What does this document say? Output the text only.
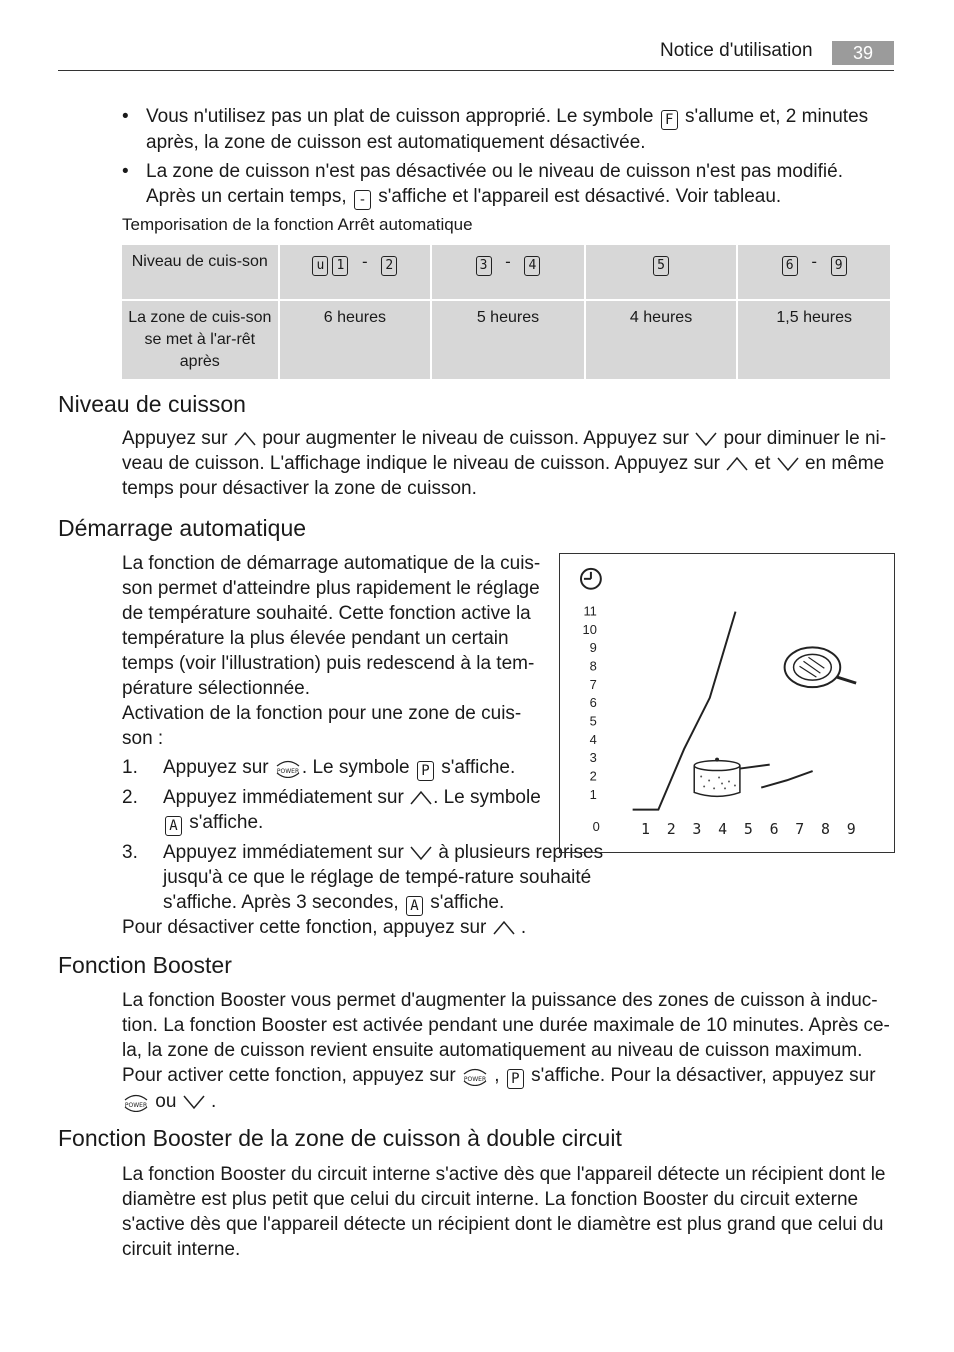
Notice d'utilisation	39
• Vous n'utilisez pas un plat de cuisson approprié. Le symbole F s'allume et, 2 minutes après, la zone de cuisson est automatiquement désactivée.
• La zone de cuisson n'est pas désactivée ou le niveau de cuisson n'est pas modifié. Après un certain temps, - s'affiche et l'appareil est désactivé. Voir tableau.
Temporisation de la fonction Arrêt automatique
Niveau de cuis-son	u 1 - 2	3 - 4	5	6 - 9
La zone de cuis-son se met à l'ar-rêt après	6 heures	5 heures	4 heures	1,5 heures
Niveau de cuisson
Appuyez sur pour augmenter le niveau de cuisson. Appuyez sur pour diminuer le ni-veau de cuisson. L'affichage indique le niveau de cuisson. Appuyez sur et en même temps pour désactiver la zone de cuisson.
Démarrage automatique
La fonction de démarrage automatique de la cuis-son permet d'atteindre plus rapidement le réglage de température souhaité. Cette fonction active la température la plus élevée pendant un certain temps (voir l'illustration) puis redescend à la tem-pérature sélectionnée.
Activation de la fonction pour une zone de cuis-son :
1. Appuyez sur POWER . Le symbole P s'affiche.
2. Appuyez immédiatement sur . Le symbole
A s'affiche.
3. Appuyez immédiatement sur à plusieurs reprises jusqu'à ce que le réglage de tempé-rature souhaité s'affiche. Après 3 secondes, A s'affiche.
Pour désactiver cette fonction, appuyez sur  .
0
1
2
3
4
5
6
7
8
9
10
11
1 2 3 4 5 6 7 8 9
Fonction Booster
La fonction Booster vous permet d'augmenter la puissance des zones de cuisson à induc-tion. La fonction Booster est activée pendant une durée maximale de 10 minutes. Après ce-la, la zone de cuisson revient ensuite automatiquement au niveau de cuisson maximum.
Pour activer cette fonction, appuyez sur POWER , P s'affiche. Pour la désactiver, appuyez sur

POWER ou  .
Fonction Booster de la zone de cuisson à double circuit
La fonction Booster du circuit interne s'active dès que l'appareil détecte un récipient dont le diamètre est plus petit que celui du circuit interne. La fonction Booster du circuit externe s'active dès que l'appareil détecte un récipient dont le diamètre est plus grand que celui du circuit interne.
